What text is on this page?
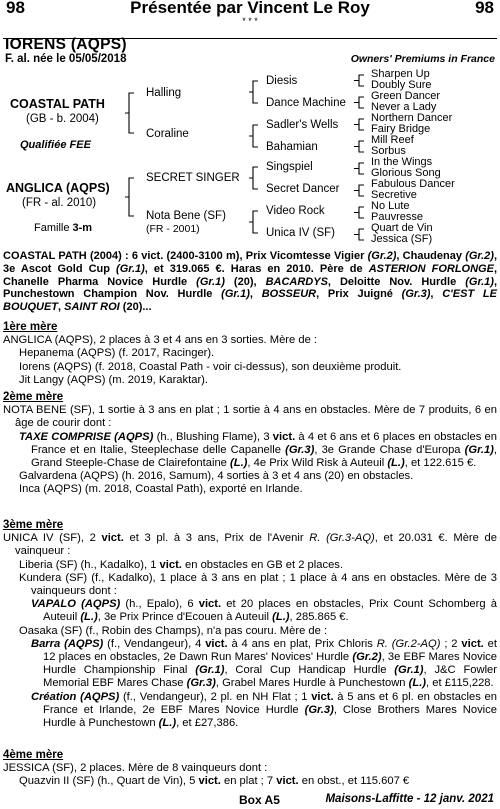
98	Présentée par Vincent Le Roy	98
* * *
IORENS (AQPS)
F. al. née le 05/05/2018	Owners' Premiums in France
COASTAL PATH
(GB - b. 2004)
Qualifiée FEE
ANGLICA (AQPS)
(FR - al. 2010)
Famille 3-m
Halling
Coraline
SECRET SINGER
Nota Bene (SF)
(FR - 2001)
Diesis
Dance Machine
Sadler's Wells
Bahamian
Singspiel
Secret Dancer
Video Rock
Unica IV (SF)
Sharpen Up
Doubly Sure
Green Dancer
Never a Lady
Northern Dancer
Fairy Bridge
Mill Reef
Sorbus
In the Wings
Glorious Song
Fabulous Dancer
Secretive
No Lute
Pauvresse
Quart de Vin
Jessica (SF)
COASTAL PATH (2004) : 6 vict. (2400-3100 m), Prix Vicomtesse Vigier (Gr.2), Chaudenay (Gr.2), 3e Ascot Gold Cup (Gr.1), et 319.065 €. Haras en 2010. Père de ASTERION FORLONGE, Chanelle Pharma Novice Hurdle (Gr.1) (20), BACARDYS, Deloitte Nov. Hurdle (Gr.1), Punchestown Champion Nov. Hurdle (Gr.1), BOSSEUR, Prix Juigné (Gr.3), C'EST LE BOUQUET, SAINT ROI (20)...

1ère mère

ANGLICA (AQPS), 2 places à 3 et 4 ans en 3 sorties. Mère de :

Hepanema (AQPS) (f. 2017, Racinger).

Iorens (AQPS) (f. 2018, Coastal Path - voir ci-dessus), son deuxième produit.

Jit Langy (AQPS) (m. 2019, Karaktar).

2ème mère

NOTA BENE (SF), 1 sortie à 3 ans en plat ; 1 sortie à 4 ans en obstacles. Mère de 7 produits, 6 en âge de courir dont :

TAXE COMPRISE (AQPS) (h., Blushing Flame), 3 vict. à 4 et 6 ans et 6 places en obstacles en France et en Italie, Steeplechase delle Capanelle (Gr.3), 3e Grande Chase d'Europa (Gr.1), Grand Steeple-Chase de Clairefontaine (L.), 4e Prix Wild Risk à Auteuil (L.), et 122.615 €.

Galvardena (AQPS) (h. 2016, Samum), 4 sorties à 3 et 4 ans (20) en obstacles.

Inca (AQPS) (m. 2018, Coastal Path), exporté en Irlande.

3ème mère

UNICA IV (SF), 2 vict. et 3 pl. à 3 ans, Prix de l'Avenir R. (Gr.3-AQ), et 20.031 €. Mère de vainqueur :

Liberia (SF) (h., Kadalko), 1 vict. en obstacles en GB et 2 places.

Kundera (SF) (f., Kadalko), 1 place à 3 ans en plat ; 1 place à 4 ans en obstacles. Mère de 3 vainqueurs dont :

VAPALO (AQPS) (h., Epalo), 6 vict. et 20 places en obstacles, Prix Count Schomberg à Auteuil (L.), 3e Prix Prince d'Ecouen à Auteuil (L.), 285.865 €.

Oasaka (SF) (f., Robin des Champs), n'a pas couru. Mère de :

Barra (AQPS) (f., Vendangeur), 4 vict. à 4 ans en plat, Prix Chloris R. (Gr.2-AQ) ; 2 vict. et 12 places en obstacles, 2e Dawn Run Mares' Novices' Hurdle (Gr.2), 3e EBF Mares Novice Hurdle Championship Final (Gr.1), Coral Cup Handicap Hurdle (Gr.1), J&C Fowler Memorial EBF Mares Chase (Gr.3), Grabel Mares Hurdle à Punchestown (L.), et £115,228.

Création (AQPS) (f., Vendangeur), 2 pl. en NH Flat ; 1 vict. à 5 ans et 6 pl. en obstacles en France et Irlande, 2e EBF Mares Novice Hurdle (Gr.3), Close Brothers Mares Novice Hurdle à Punchestown (L.), et £27,386.

4ème mère

JESSICA (SF), 2 places. Mère de 8 vainqueurs dont :

Quazvin II (SF) (h., Quart de Vin), 5 vict. en plat ; 7 vict. en obst., et 115.607 €

Box A5	Maisons-Laffitte - 12 janv. 2021
